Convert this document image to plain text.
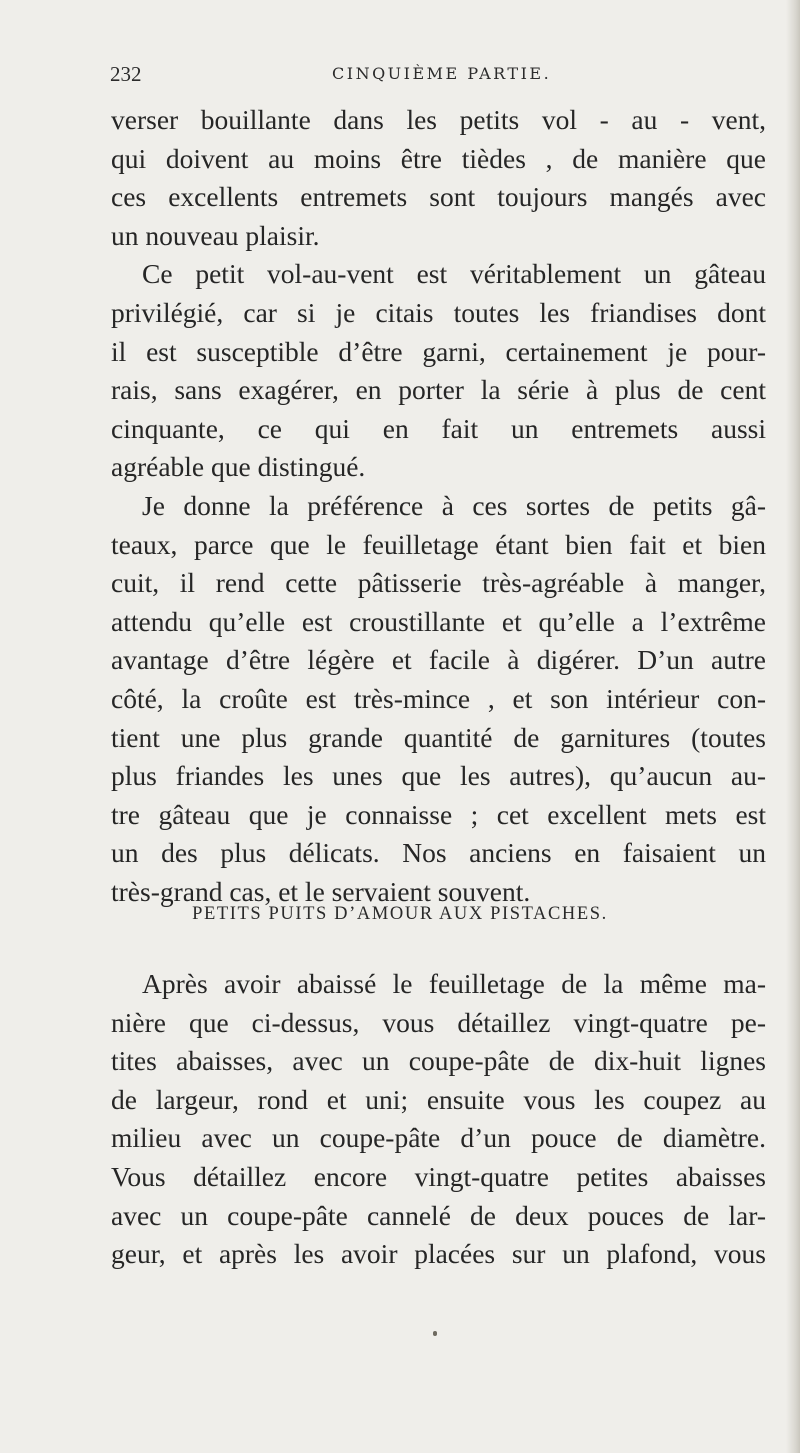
232	CINQUIÈME PARTIE.
verser bouillante dans les petits vol - au - vent,
qui doivent au moins être tièdes , de manière que
ces excellents entremets sont toujours mangés avec
un nouveau plaisir.
Ce petit vol-au-vent est véritablement un gâteau
privilégié, car si je citais toutes les friandises dont
il est susceptible d’être garni, certainement je pour-
rais, sans exagérer, en porter la série à plus de cent
cinquante, ce qui en fait un entremets aussi
agréable que distingué.
Je donne la préférence à ces sortes de petits gâ-
teaux, parce que le feuilletage étant bien fait et bien
cuit, il rend cette pâtisserie très-agréable à manger,
attendu qu’elle est croustillante et qu’elle a l’extrême
avantage d’être légère et facile à digérer. D’un autre
côté, la croûte est très-mince , et son intérieur con-
tient une plus grande quantité de garnitures (toutes
plus friandes les unes que les autres), qu’aucun au-
tre gâteau que je connaisse ; cet excellent mets est
un des plus délicats. Nos anciens en faisaient un
très-grand cas, et le servaient souvent.
PETITS PUITS D’AMOUR AUX PISTACHES.
Après avoir abaissé le feuilletage de la même ma-
nière que ci-dessus, vous détaillez vingt-quatre pe-
tites abaisses, avec un coupe-pâte de dix-huit lignes
de largeur, rond et uni; ensuite vous les coupez au
milieu avec un coupe-pâte d’un pouce de diamètre.
Vous détaillez encore vingt-quatre petites abaisses
avec un coupe-pâte cannelé de deux pouces de lar-
geur, et après les avoir placées sur un plafond, vous
